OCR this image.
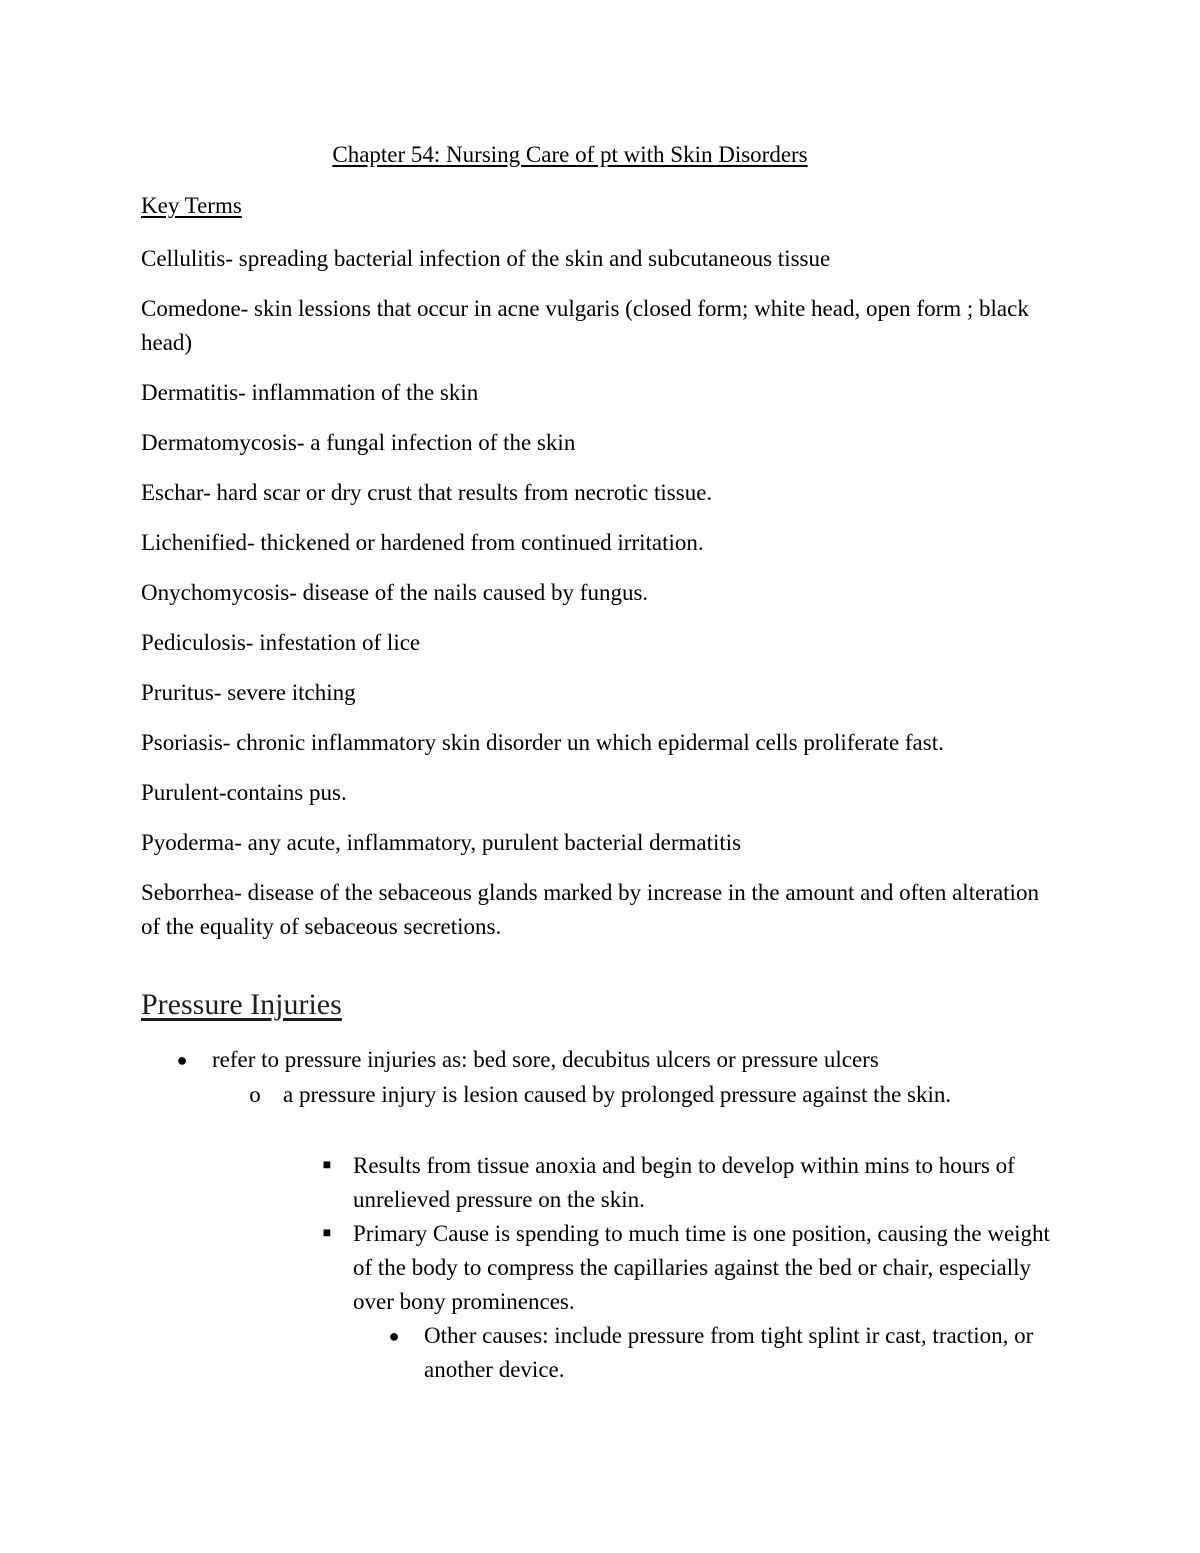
Chapter 54: Nursing Care of pt with Skin Disorders
Key Terms

Cellulitis- spreading bacterial infection of the skin and subcutaneous tissue

Comedone- skin lessions that occur in acne vulgaris (closed form; white head, open form ; black head)

Dermatitis- inflammation of the skin

Dermatomycosis- a fungal infection of the skin

Eschar- hard scar or dry crust that results from necrotic tissue.

Lichenified- thickened or hardened from continued irritation.

Onychomycosis- disease of the nails caused by fungus.

Pediculosis- infestation of lice

Pruritus- severe itching

Psoriasis- chronic inflammatory skin disorder un which epidermal cells proliferate fast.

Purulent-contains pus.

Pyoderma- any acute, inflammatory, purulent bacterial dermatitis

Seborrhea- disease of the sebaceous glands marked by increase in the amount and often alteration of the equality of sebaceous secretions.

Pressure Injuries
● refer to pressure injuries as: bed sore, decubitus ulcers or pressure ulcers
o a pressure injury is lesion caused by prolonged pressure against the skin.
■ Results from tissue anoxia and begin to develop within mins to hours of unrelieved pressure on the skin.
■ Primary Cause is spending to much time is one position, causing the weight of the body to compress the capillaries against the bed or chair, especially over bony prominences.
● Other causes: include pressure from tight splint ir cast, traction, or another device.
